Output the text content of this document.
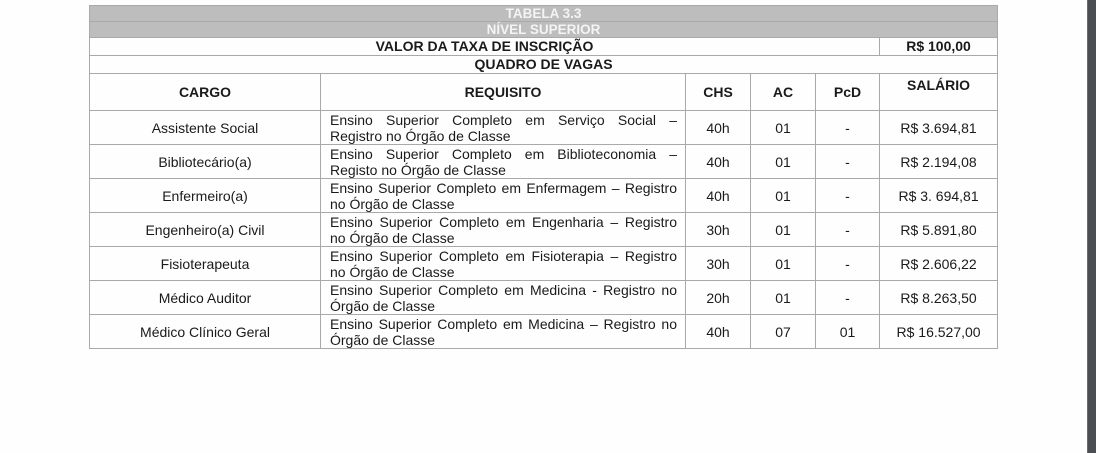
TABELA 3.3					
NÍVEL SUPERIOR					
VALOR DA TAXA DE INSCRIÇÃO					R$ 100,00
QUADRO DE VAGAS					
CARGO	REQUISITO	CHS	AC	PcD	SALÁRIO
Assistente Social	Ensino Superior Completo em Serviço Social – Registro no Órgão de Classe	40h	01	-	R$ 3.694,81
Bibliotecário(a)	Ensino Superior Completo em Biblioteconomia – Registo no Órgão de Classe	40h	01	-	R$ 2.194,08
Enfermeiro(a)	Ensino Superior Completo em Enfermagem – Registro no Órgão de Classe	40h	01	-	R$ 3. 694,81
Engenheiro(a) Civil	Ensino Superior Completo em Engenharia – Registro no Órgão de Classe	30h	01	-	R$ 5.891,80
Fisioterapeuta	Ensino Superior Completo em Fisioterapia – Registro no Órgão de Classe	30h	01	-	R$ 2.606,22
Médico Auditor	Ensino Superior Completo em Medicina - Registro no Órgão de Classe	20h	01	-	R$ 8.263,50
Médico Clínico Geral	Ensino Superior Completo em Medicina – Registro no Órgão de Classe	40h	07	01	R$ 16.527,00
